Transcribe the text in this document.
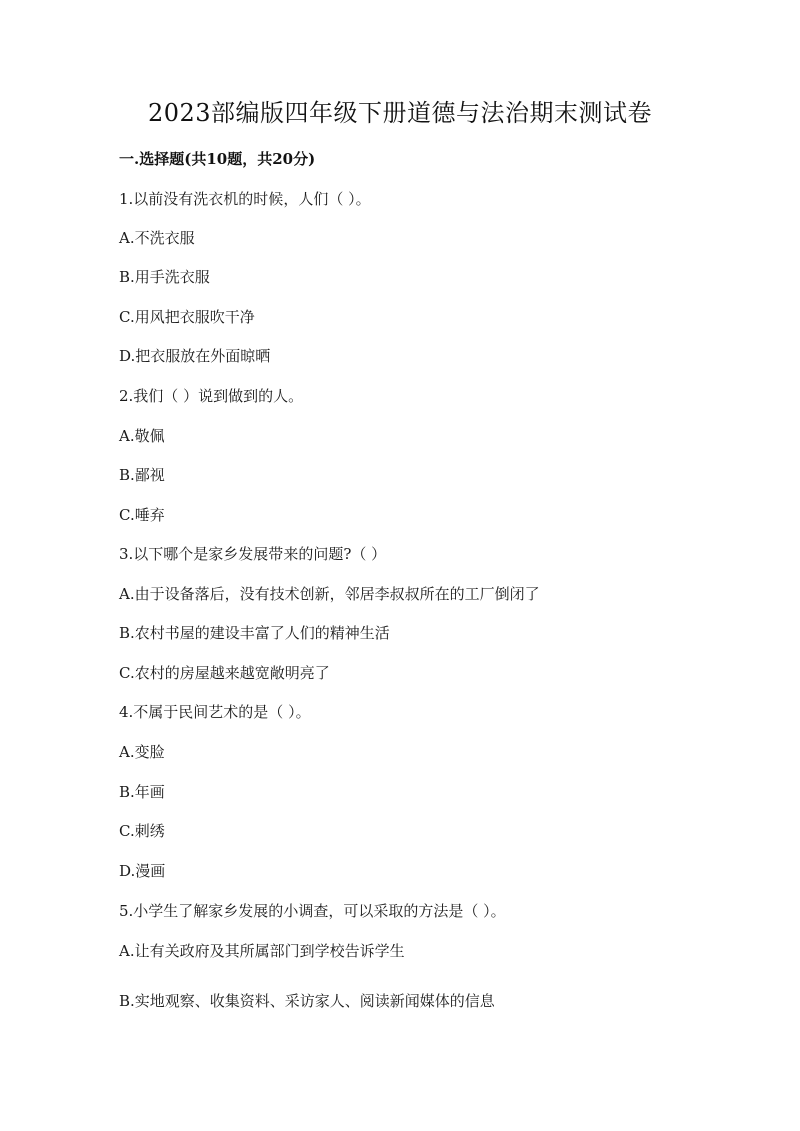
2023部编版四年级下册道德与法治期末测试卷
一.选择题(共10题，共20分)
1.以前没有洗衣机的时候，人们（ ）。
A.不洗衣服
B.用手洗衣服
C.用风把衣服吹干净
D.把衣服放在外面晾晒
2.我们（ ）说到做到的人。
A.敬佩
B.鄙视
C.唾弃
3.以下哪个是家乡发展带来的问题?（ ）
A.由于设备落后，没有技术创新，邻居李叔叔所在的工厂倒闭了
B.农村书屋的建设丰富了人们的精神生活
C.农村的房屋越来越宽敞明亮了
4.不属于民间艺术的是（ ）。
A.变脸
B.年画
C.刺绣
D.漫画
5.小学生了解家乡发展的小调查，可以采取的方法是（ ）。
A.让有关政府及其所属部门到学校告诉学生
B.实地观察、收集资料、采访家人、阅读新闻媒体的信息
